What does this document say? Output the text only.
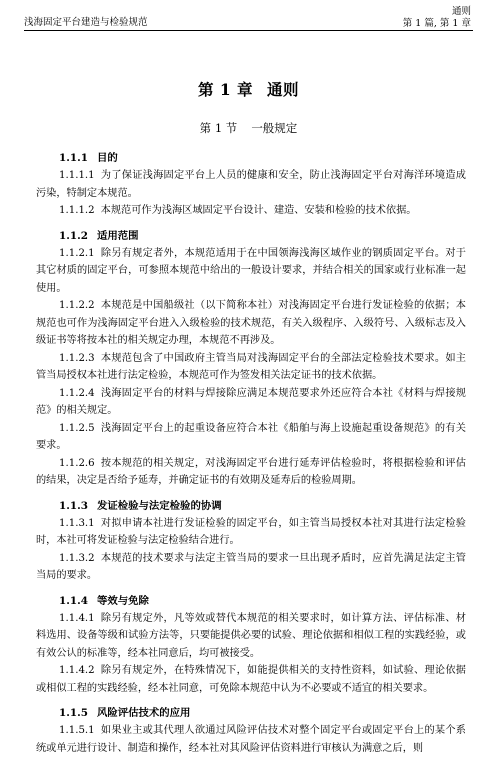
浅海固定平台建造与检验规范
通则
第 1 篇, 第 1 章
第 1 章 通则
第 1 节 一般规定
1.1.1 目的

1.1.1.1 为了保证浅海固定平台上人员的健康和安全，防止浅海固定平台对海洋环境造成污染，特制定本规范。

1.1.1.2 本规范可作为浅海区域固定平台设计、建造、安装和检验的技术依据。

1.1.2 适用范围

1.1.2.1 除另有规定者外，本规范适用于在中国领海浅海区域作业的钢质固定平台。对于其它材质的固定平台，可参照本规范中给出的一般设计要求，并结合相关的国家或行业标准一起使用。

1.1.2.2 本规范是中国船级社（以下简称本社）对浅海固定平台进行发证检验的依据；本规范也可作为浅海固定平台进入入级检验的技术规范，有关入级程序、入级符号、入级标志及入级证书等将按本社的相关规定办理，本规范不再涉及。

1.1.2.3 本规范包含了中国政府主管当局对浅海固定平台的全部法定检验技术要求。如主管当局授权本社进行法定检验，本规范可作为签发相关法定证书的技术依据。

1.1.2.4 浅海固定平台的材料与焊接除应满足本规范要求外还应符合本社《材料与焊接规范》的相关规定。

1.1.2.5 浅海固定平台上的起重设备应符合本社《船舶与海上设施起重设备规范》的有关要求。

1.1.2.6 按本规范的相关规定，对浅海固定平台进行延寿评估检验时，将根据检验和评估的结果，决定是否给予延寿，并确定证书的有效期及延寿后的检验周期。

1.1.3 发证检验与法定检验的协调

1.1.3.1 对拟申请本社进行发证检验的固定平台，如主管当局授权本社对其进行法定检验时，本社可将发证检验与法定检验结合进行。

1.1.3.2 本规范的技术要求与法定主管当局的要求一旦出现矛盾时，应首先满足法定主管当局的要求。

1.1.4 等效与免除

1.1.4.1 除另有规定外，凡等效或替代本规范的相关要求时，如计算方法、评估标准、材料选用、设备等级和试验方法等，只要能提供必要的试验、理论依据和相似工程的实践经验，或有效公认的标准等，经本社同意后，均可被接受。

1.1.4.2 除另有规定外，在特殊情况下，如能提供相关的支持性资料，如试验、理论依据或相似工程的实践经验，经本社同意，可免除本规范中认为不必要或不适宜的相关要求。

1.1.5 风险评估技术的应用

1.1.5.1 如果业主或其代理人欲通过风险评估技术对整个固定平台或固定平台上的某个系统或单元进行设计、制造和操作，经本社对其风险评估资料进行审核认为满意之后，则
